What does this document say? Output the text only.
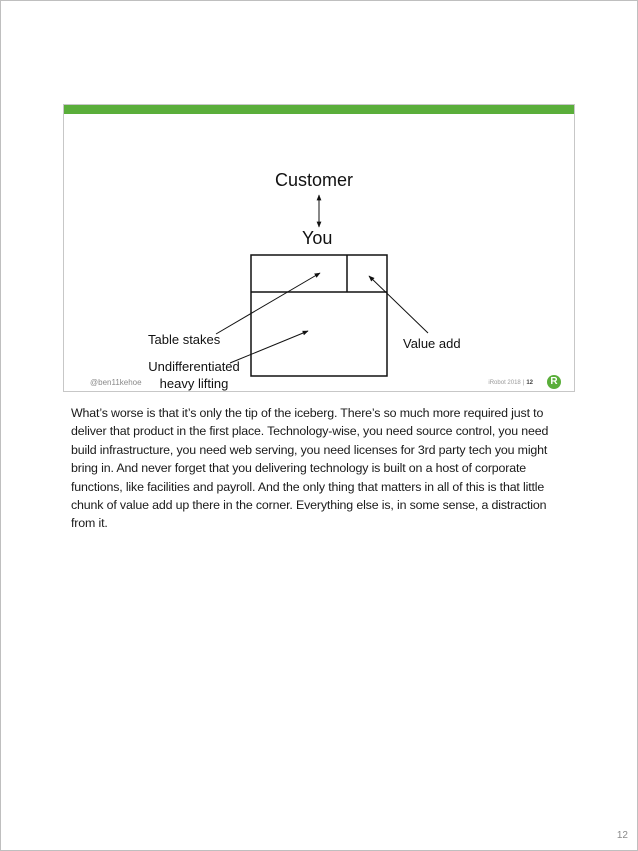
Customer
You
Table stakes	Value add
Undifferentiated heavy lifting
@ben11kehoe	iRobot 2018 | 12	R

What’s worse is that it’s only the tip of the iceberg. There’s so much more required just to deliver that product in the first place. Technology-wise, you need source control, you need build infrastructure, you need web serving, you need licenses for 3rd party tech you might bring in. And never forget that you delivering technology is built on a host of corporate functions, like facilities and payroll. And the only thing that matters in all of this is that little chunk of value add up there in the corner. Everything else is, in some sense, a distraction from it.

12
